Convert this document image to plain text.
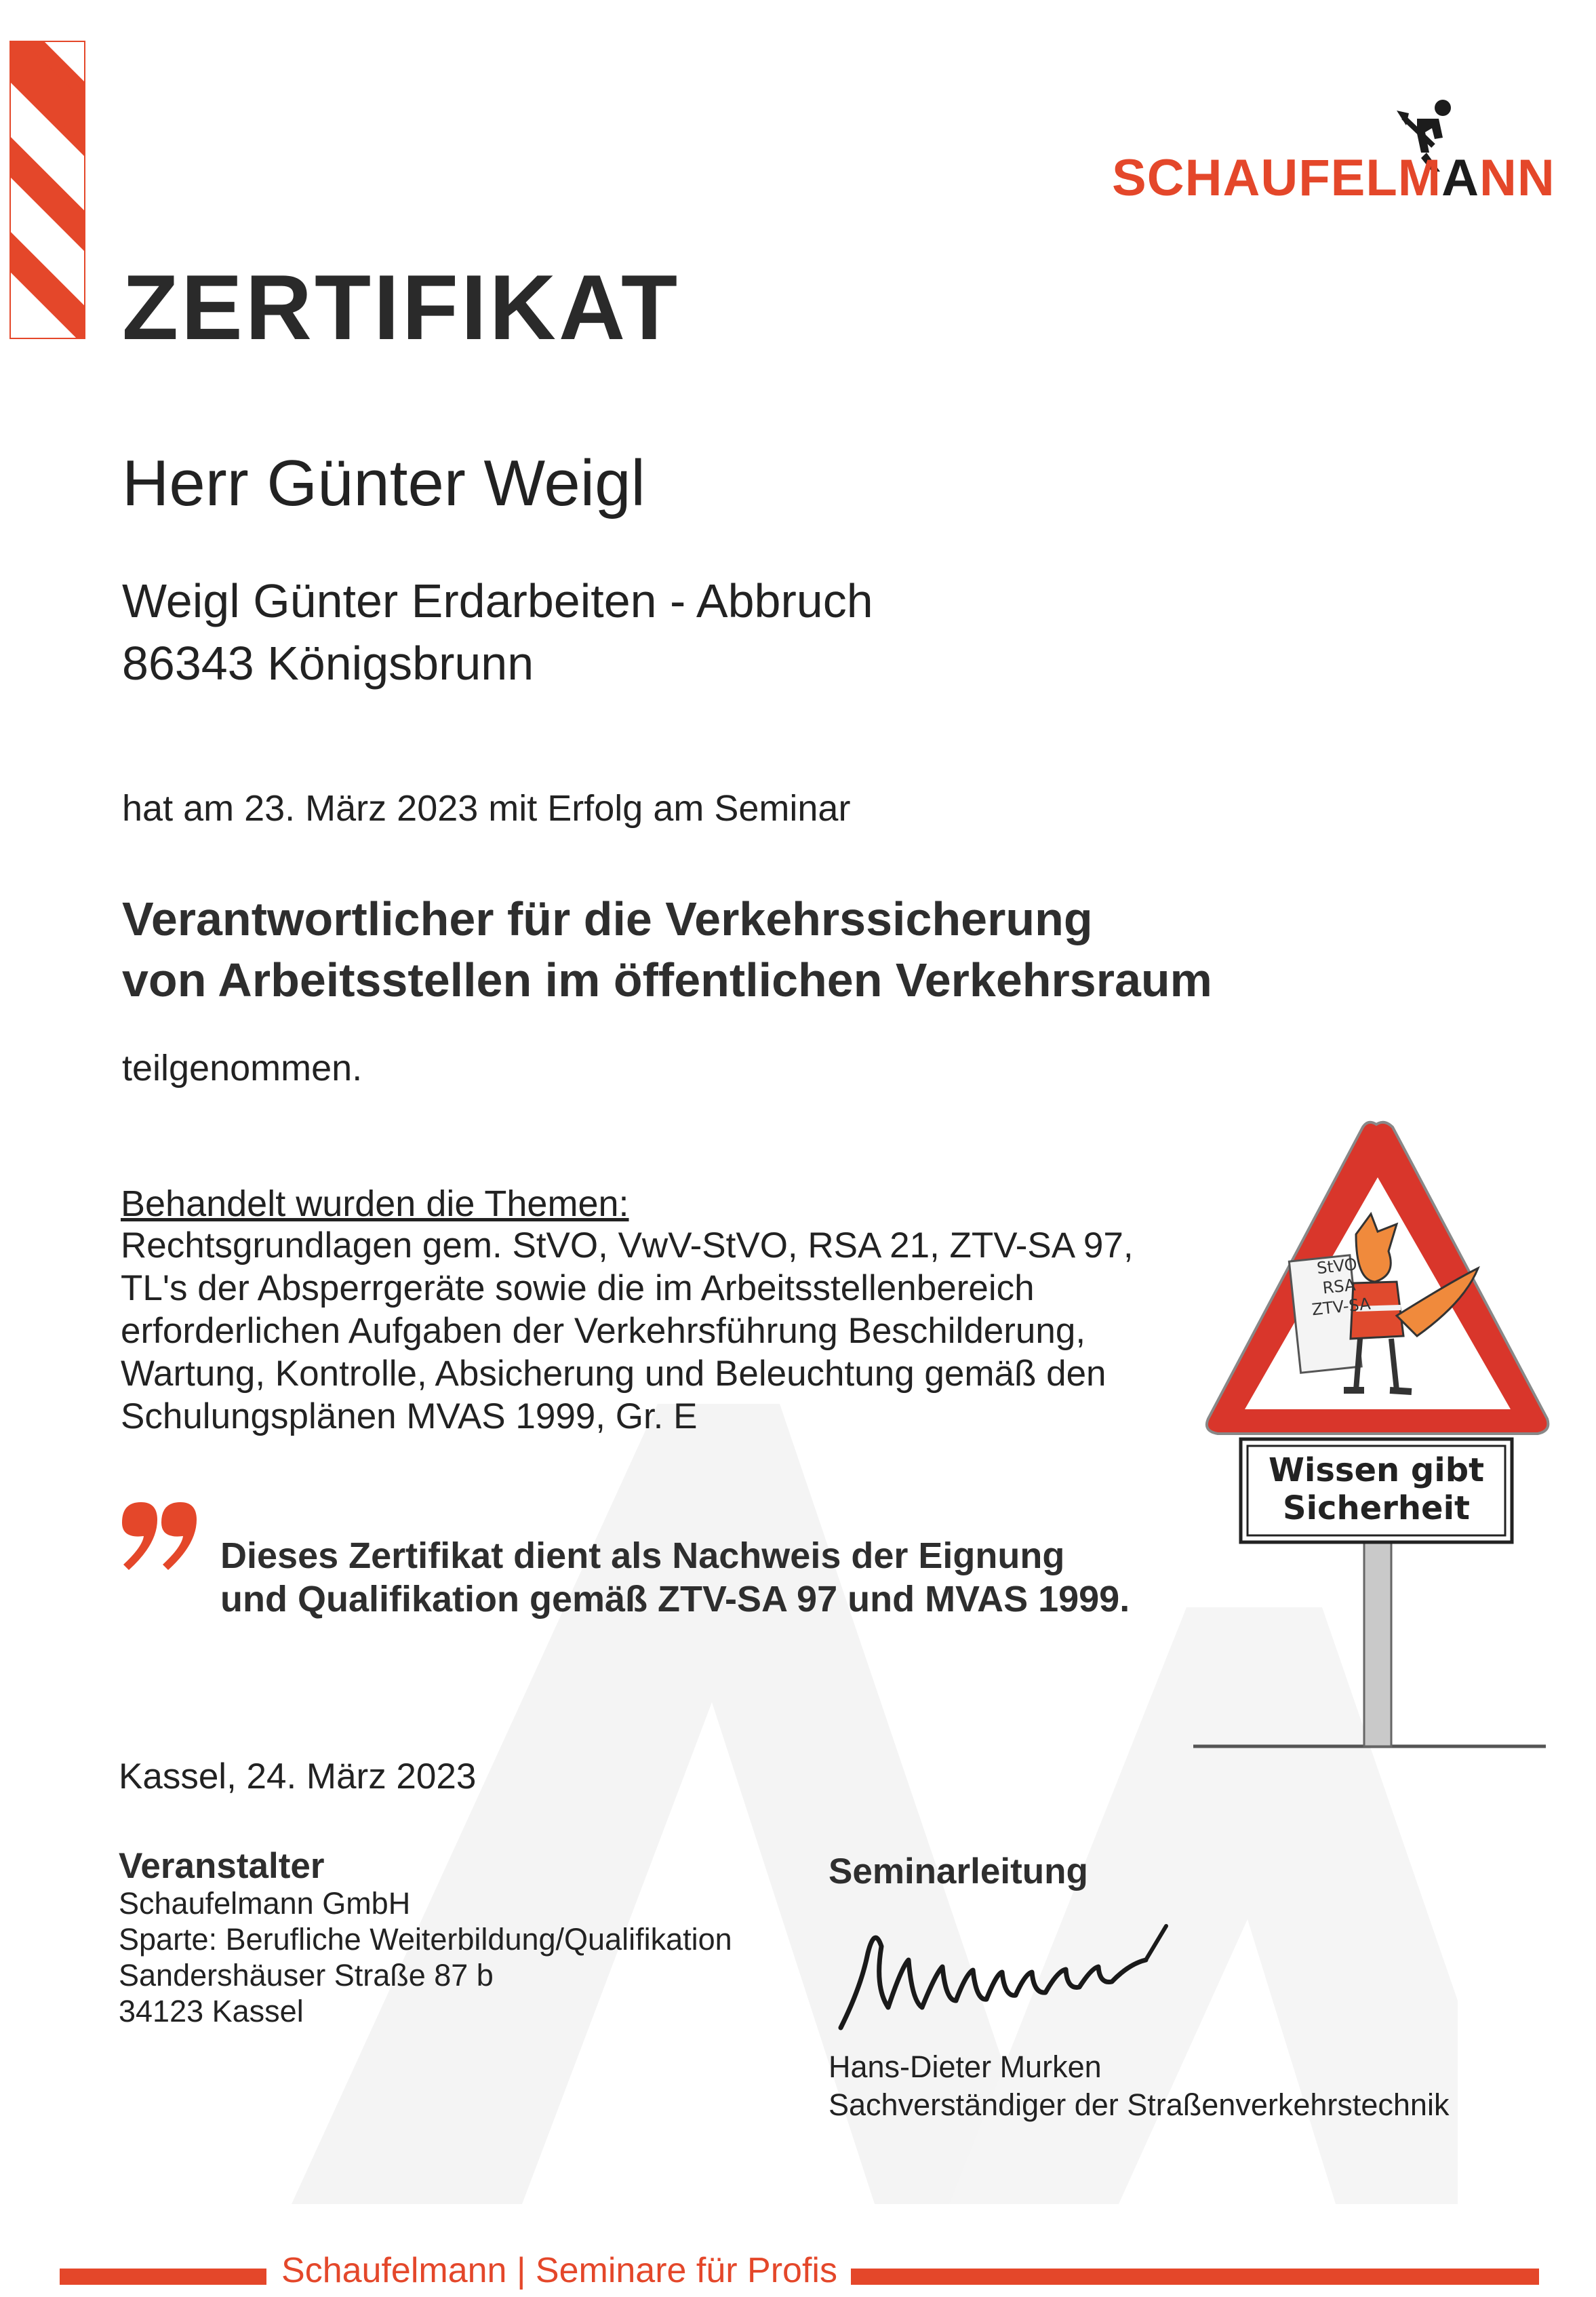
ZERTIFIKAT
SCHAUFELMANN
Herr Günter Weigl
Weigl Günter Erdarbeiten - Abbruch
86343 Königsbrunn
hat am 23. März 2023 mit Erfolg am Seminar
Verantwortlicher für die Verkehrssicherung
von Arbeitsstellen im öffentlichen Verkehrsraum
teilgenommen.
Behandelt wurden die Themen:
Rechtsgrundlagen gem. StVO, VwV-StVO, RSA 21, ZTV-SA 97,
TL's der Absperrgeräte sowie die im Arbeitsstellenbereich
erforderlichen Aufgaben der Verkehrsführung Beschilderung,
Wartung, Kontrolle, Absicherung und Beleuchtung gemäß den
Schulungsplänen MVAS 1999, Gr. E
Dieses Zertifikat dient als Nachweis der Eignung
und Qualifikation gemäß ZTV-SA 97 und MVAS 1999.
StVO
RSA
ZTV-SA
Wissen gibt
Sicherheit
Kassel, 24. März 2023
Veranstalter
Schaufelmann GmbH
Sparte: Berufliche Weiterbildung/Qualifikation
Sandershäuser Straße 87 b
34123 Kassel
Seminarleitung
Hans-Dieter Murken
Sachverständiger der Straßenverkehrstechnik
Schaufelmann | Seminare für Profis
